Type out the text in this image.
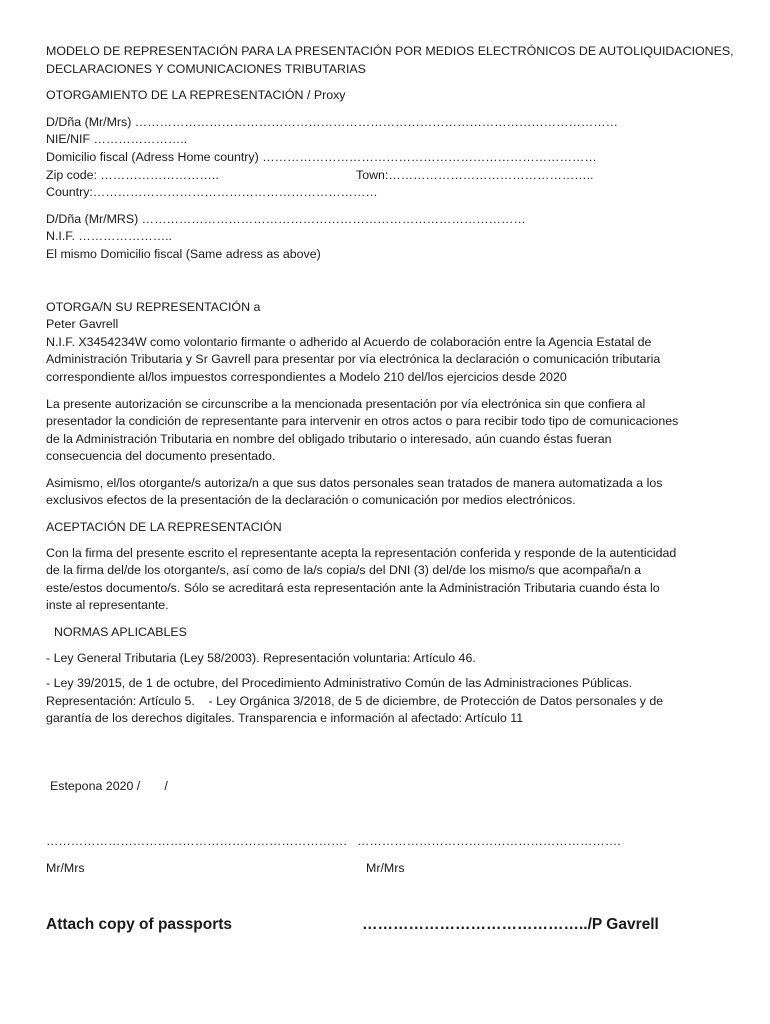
MODELO DE REPRESENTACIÓN PARA LA PRESENTACIÓN POR MEDIOS ELECTRÓNICOS DE AUTOLIQUIDACIONES,
DECLARACIONES Y COMUNICACIONES TRIBUTARIAS

OTORGAMIENTO DE LA REPRESENTACIÓN / Proxy

D/Dña (Mr/Mrs) ………………………………………………………………………………………………………

NIE/NIF …………………..

Domicilio fiscal (Adress Home country) ………………………………………………………………………

Zip code: ………………………..	Town:…………………………………………..

Country:……………………………………………………………

D/Dña (Mr/MRS) …………………………………………………………………………………

N.I.F. …………………..

El mismo Domicilio fiscal (Same adress as above)

OTORGA/N SU REPRESENTACIÓN a

Peter Gavrell

N.I.F. X3454234W como volontario firmante o adherido al Acuerdo de colaboración entre la Agencia Estatal de

Administración Tributaria y Sr Gavrell para presentar por vía electrónica la declaración o comunicación tributaria

correspondiente al/los impuestos correspondientes a Modelo 210 del/los ejercicios desde 2020

La presente autorización se circunscribe a la mencionada presentación por vía electrónica sin que confiera al

presentador la condición de representante para intervenir en otros actos o para recibir todo tipo de comunicaciones

de la Administración Tributaria en nombre del obligado tributario o interesado, aún cuando éstas fueran

consecuencia del documento presentado.

Asimismo, el/los otorgante/s autoriza/n a que sus datos personales sean tratados de manera automatizada a los

exclusivos efectos de la presentación de la declaración o comunicación por medios electrónicos.

ACEPTACIÓN DE LA REPRESENTACIÓN

Con la firma del presente escrito el representante acepta la representación conferida y responde de la autenticidad

de la firma del/de los otorgante/s, así como de la/s copia/s del DNI (3) del/de los mismo/s que acompaña/n a

este/estos documento/s. Sólo se acreditará esta representación ante la Administración Tributaria cuando ésta lo

inste al representante.

NORMAS APLICABLES

- Ley General Tributaria (Ley 58/2003). Representación voluntaria: Artículo 46.

- Ley 39/2015, de 1 de octubre, del Procedimiento Administrativo Común de las Administraciones Públicas.

Representación: Artículo 5.    - Ley Orgánica 3/2018, de 5 de diciembre, de Protección de Datos personales y de

garantía de los derechos digitales. Transparencia e información al afectado: Artículo 11

Estepona 2020 /       /
………………………………………………………………. ……………………………………………………….
Mr/Mrs	Mr/Mrs
Attach copy of passports	……………………………………../P Gavrell
